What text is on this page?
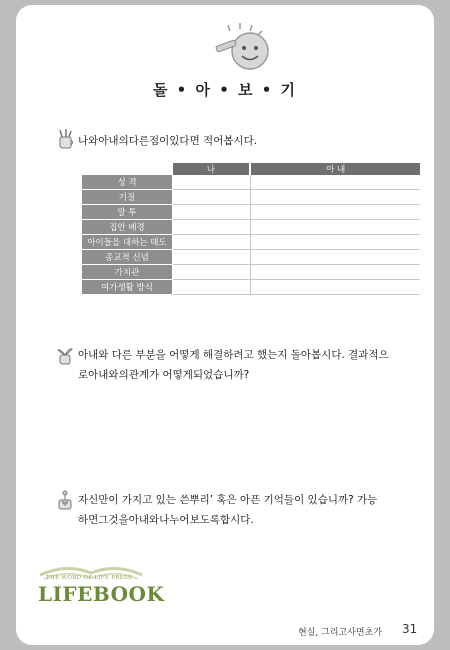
돌 • 아 • 보 • 기
나와아내의다른점이있다면 적어봅시다.
	나	아 내
성 격		
기질		
말 투		
집안 배경		
아이들을 대하는 태도		
종교적 신념		
가치관		
여가생활 방식		
아내와 다른 부분을 어떻게 해결하려고 했는지 돌아봅시다. 결과적으
로아내와의관계가 어떻게되었습니까?
자신만이 가지고 있는 쓴뿌리’ 혹은 아픈 기억들이 있습니까? 가능
하면그것을아내와나누어보도록합시다.
THE WORD OF LIFE PRESS
LIFEBOOK
현실, 그리고사면초가 31
